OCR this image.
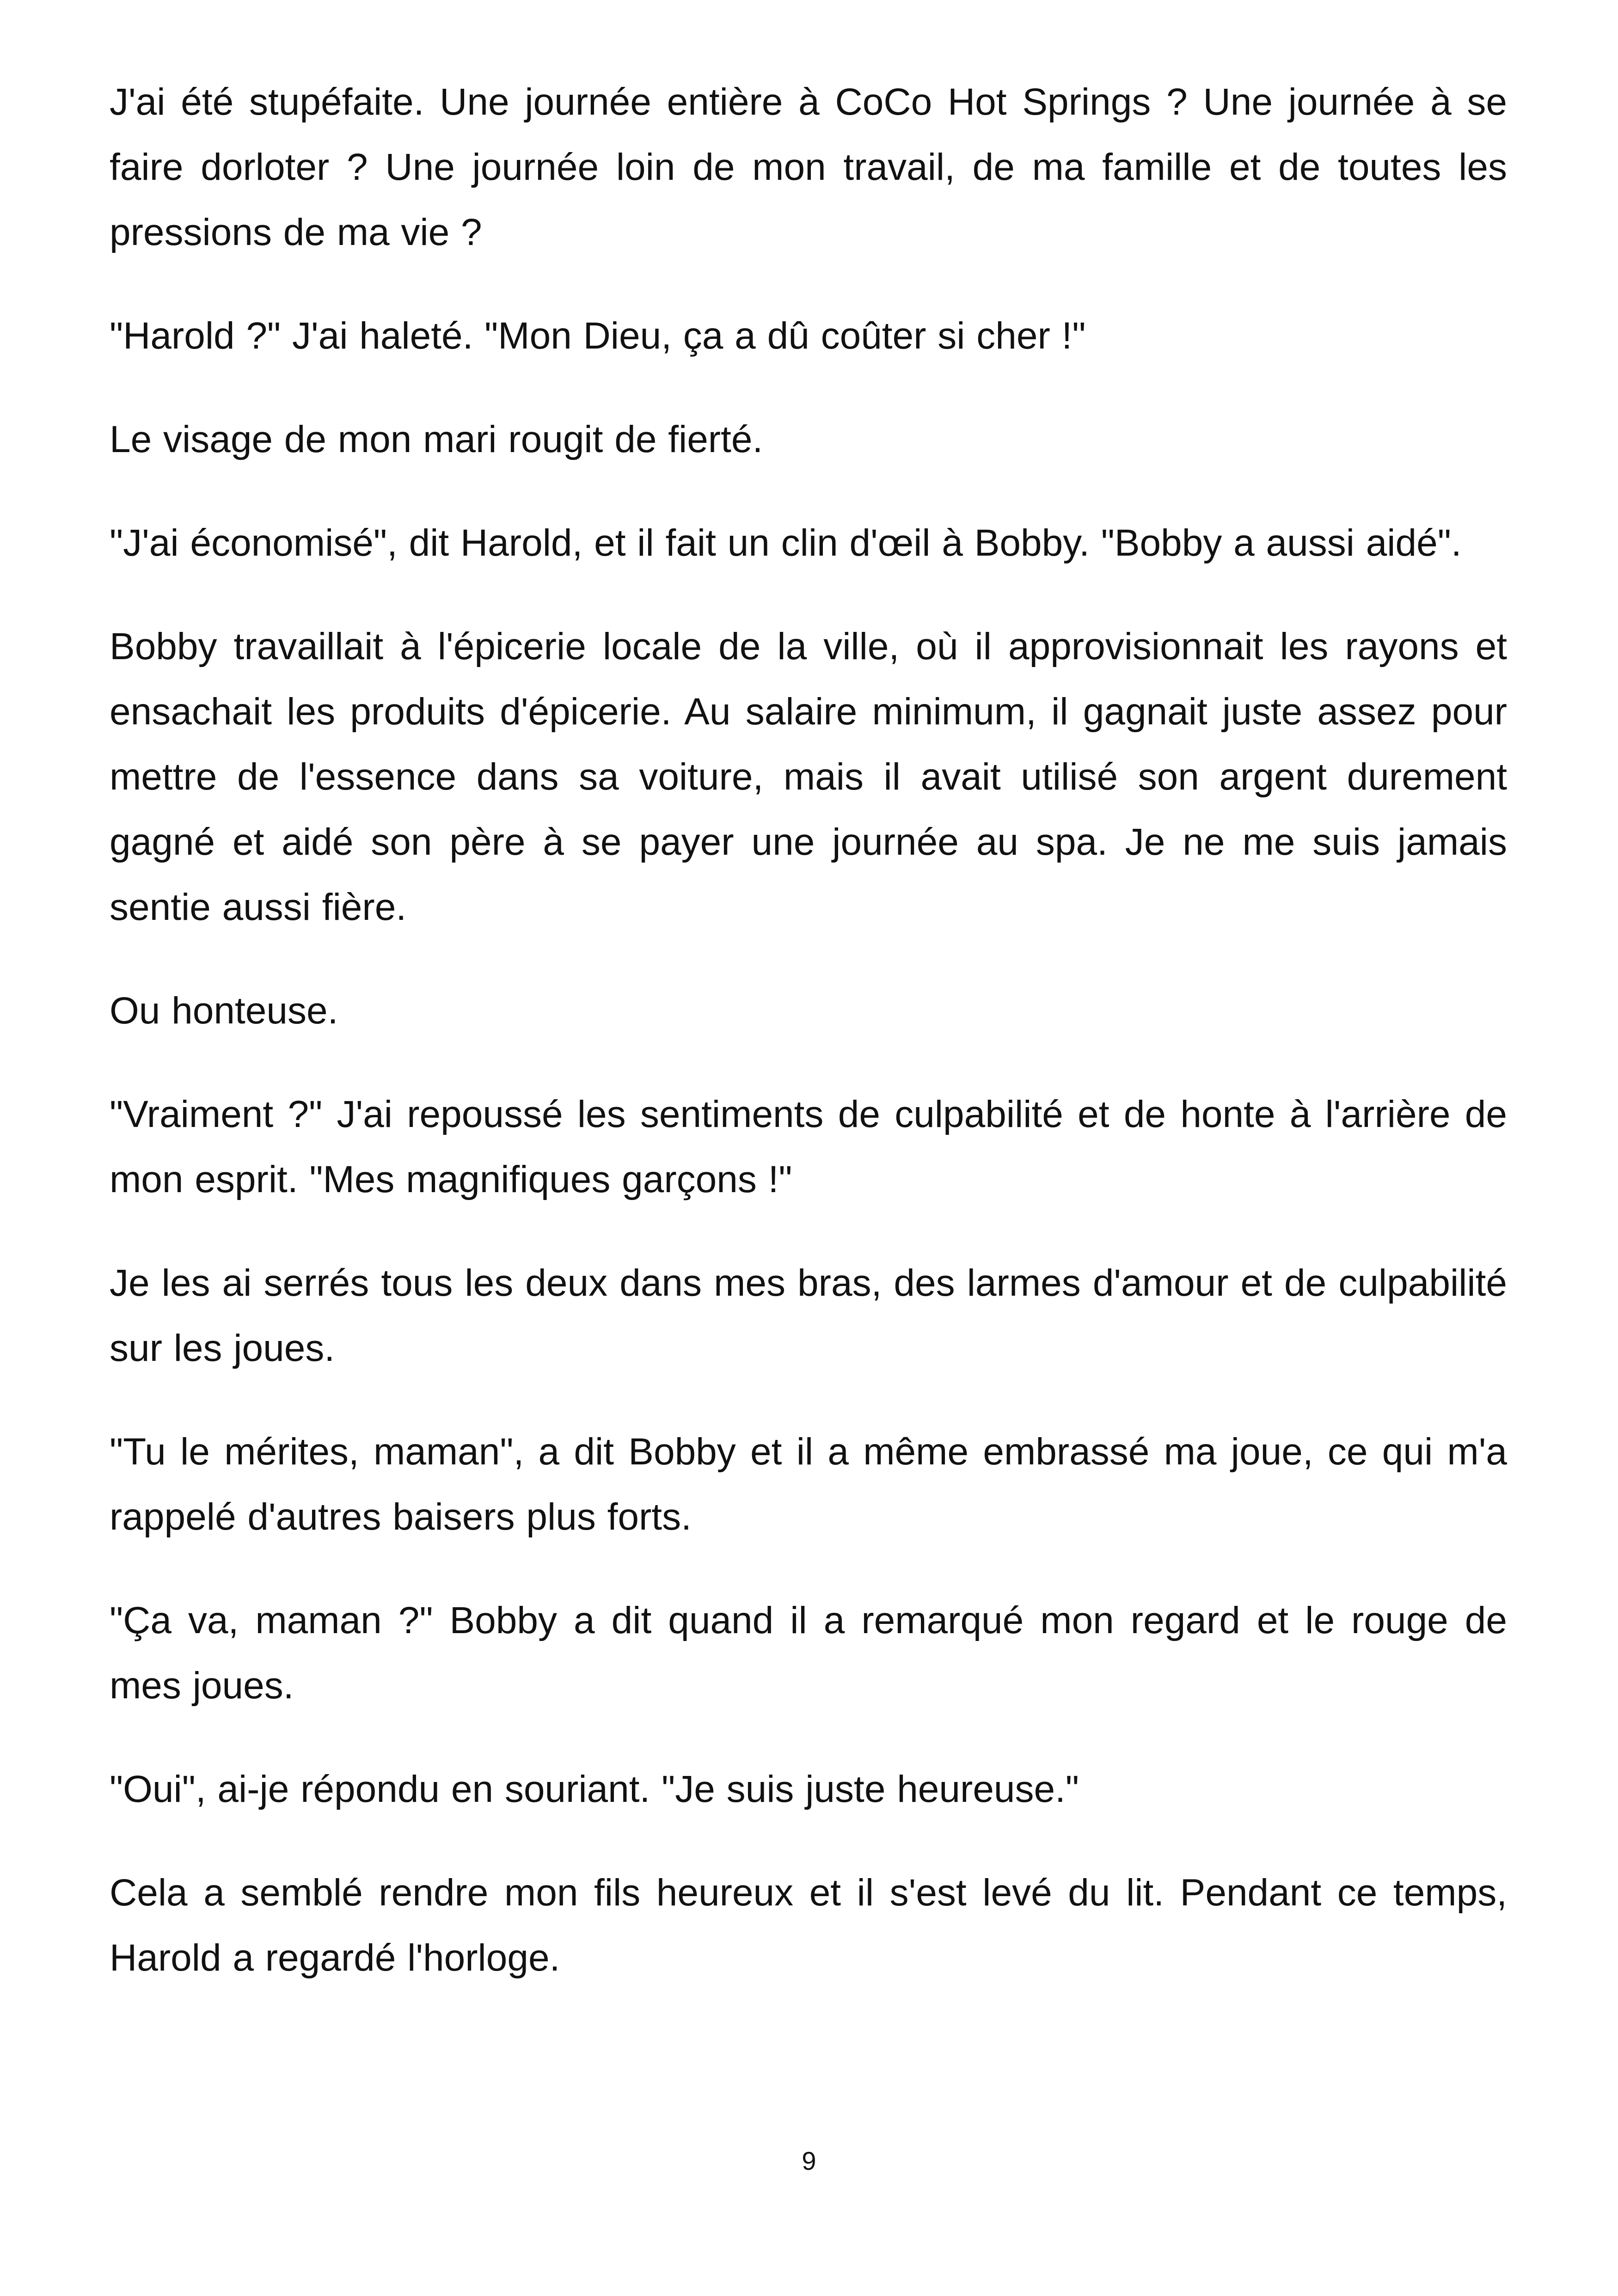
J'ai été stupéfaite. Une journée entière à CoCo Hot Springs ? Une journée à se faire dorloter ? Une journée loin de mon travail, de ma famille et de toutes les pressions de ma vie ?

"Harold ?" J'ai haleté. "Mon Dieu, ça a dû coûter si cher !"

Le visage de mon mari rougit de fierté.

"J'ai économisé", dit Harold, et il fait un clin d'œil à Bobby. "Bobby a aussi aidé".

Bobby travaillait à l'épicerie locale de la ville, où il approvisionnait les rayons et ensachait les produits d'épicerie. Au salaire minimum, il gagnait juste assez pour mettre de l'essence dans sa voiture, mais il avait utilisé son argent durement gagné et aidé son père à se payer une journée au spa. Je ne me suis jamais sentie aussi fière.

Ou honteuse.

"Vraiment ?" J'ai repoussé les sentiments de culpabilité et de honte à l'arrière de mon esprit. "Mes magnifiques garçons !"

Je les ai serrés tous les deux dans mes bras, des larmes d'amour et de culpabilité sur les joues.

"Tu le mérites, maman", a dit Bobby et il a même embrassé ma joue, ce qui m'a rappelé d'autres baisers plus forts.

"Ça va, maman ?" Bobby a dit quand il a remarqué mon regard et le rouge de mes joues.

"Oui", ai-je répondu en souriant. "Je suis juste heureuse."

Cela a semblé rendre mon fils heureux et il s'est levé du lit. Pendant ce temps, Harold a regardé l'horloge.

9
